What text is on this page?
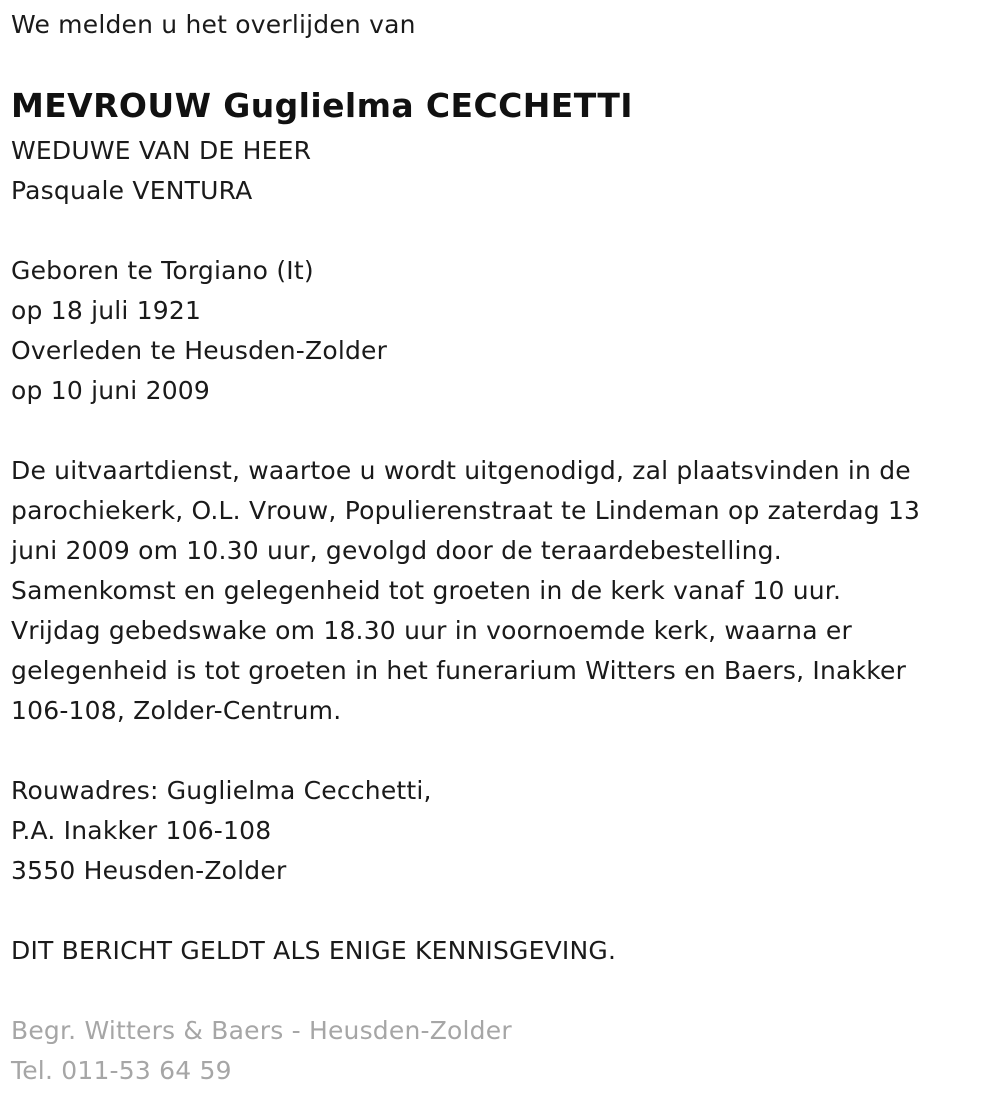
We melden u het overlijden van
MEVROUW Guglielma CECCHETTI
WEDUWE VAN DE HEER
Pasquale VENTURA
Geboren te Torgiano (It)
op 18 juli 1921
Overleden te Heusden-Zolder
op 10 juni 2009
De uitvaartdienst, waartoe u wordt uitgenodigd, zal plaatsvinden in de
parochiekerk, O.L. Vrouw, Populierenstraat te Lindeman op zaterdag 13
juni 2009 om 10.30 uur, gevolgd door de teraardebestelling.
Samenkomst en gelegenheid tot groeten in de kerk vanaf 10 uur.
Vrijdag gebedswake om 18.30 uur in voornoemde kerk, waarna er
gelegenheid is tot groeten in het funerarium Witters en Baers, Inakker
106-108, Zolder-Centrum.
Rouwadres: Guglielma Cecchetti,
P.A. Inakker 106-108
3550 Heusden-Zolder
DIT BERICHT GELDT ALS ENIGE KENNISGEVING.
Begr. Witters & Baers - Heusden-Zolder
Tel. 011-53 64 59
